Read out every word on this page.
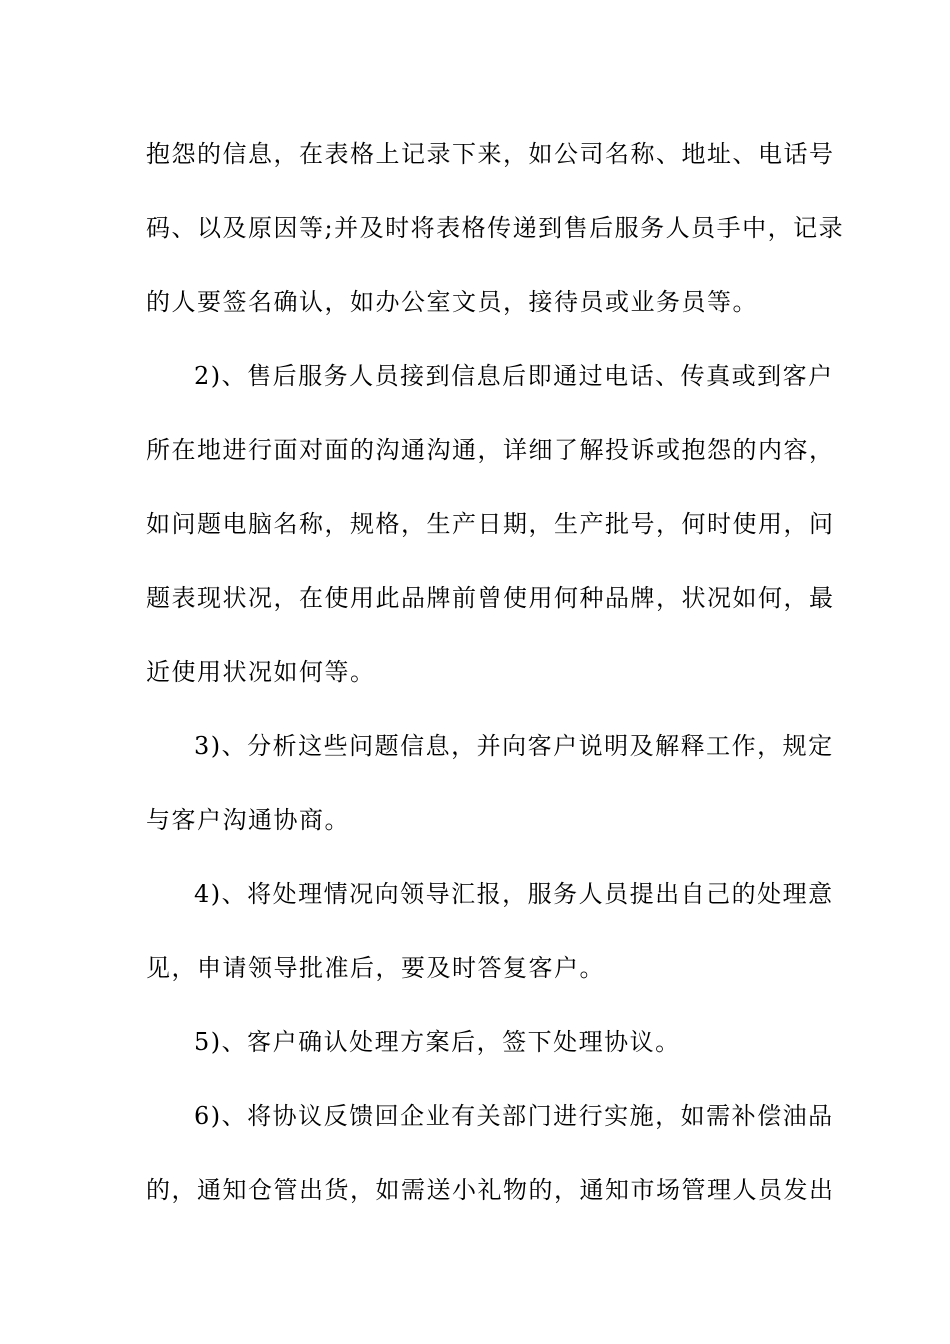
抱怨的信息，在表格上记录下来，如公司名称、地址、电话号
码、以及原因等;并及时将表格传递到售后服务人员手中，记录
的人要签名确认，如办公室文员，接待员或业务员等。
2)、售后服务人员接到信息后即通过电话、传真或到客户
所在地进行面对面的沟通沟通，详细了解投诉或抱怨的内容，
如问题电脑名称，规格，生产日期，生产批号，何时使用，问
题表现状况，在使用此品牌前曾使用何种品牌，状况如何，最
近使用状况如何等。
3)、分析这些问题信息，并向客户说明及解释工作，规定
与客户沟通协商。
4)、将处理情况向领导汇报，服务人员提出自己的处理意
见，申请领导批准后，要及时答复客户。
5)、客户确认处理方案后，签下处理协议。
6)、将协议反馈回企业有关部门进行实施，如需补偿油品
的，通知仓管出货，如需送小礼物的，通知市场管理人员发出
